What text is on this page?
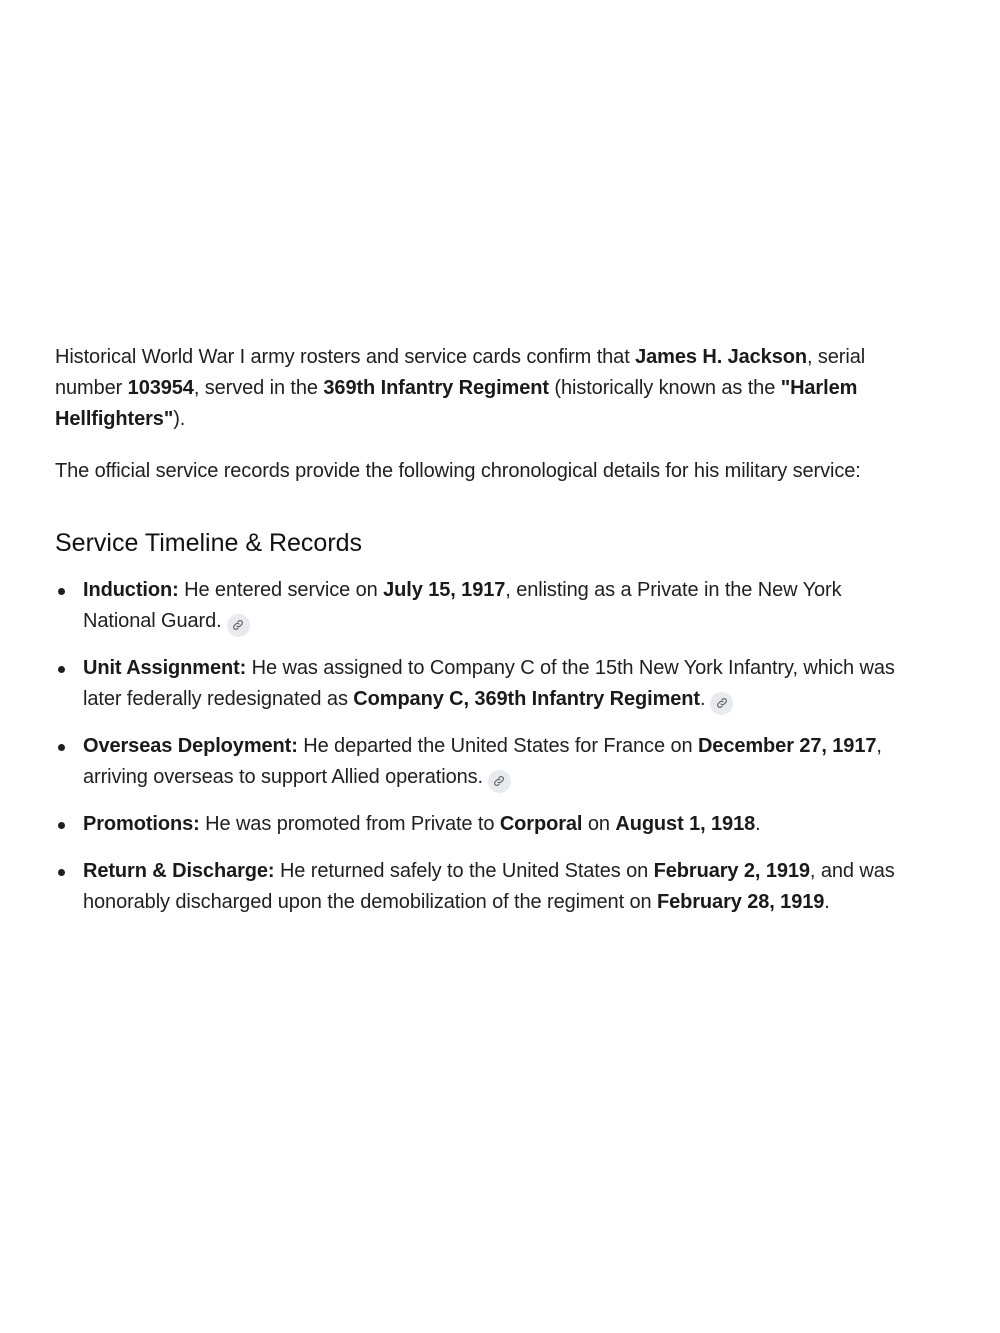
Historical World War I army rosters and service cards confirm that James H. Jackson, serial number 103954, served in the 369th Infantry Regiment (historically known as the "Harlem Hellfighters").

The official service records provide the following chronological details for his military service:

Service Timeline & Records
Induction: He entered service on July 15, 1917, enlisting as a Private in the New York National Guard.
Unit Assignment: He was assigned to Company C of the 15th New York Infantry, which was later federally redesignated as Company C, 369th Infantry Regiment.
Overseas Deployment: He departed the United States for France on December 27, 1917, arriving overseas to support Allied operations.
Promotions: He was promoted from Private to Corporal on August 1, 1918.
Return & Discharge: He returned safely to the United States on February 2, 1919, and was honorably discharged upon the demobilization of the regiment on February 28, 1919.
